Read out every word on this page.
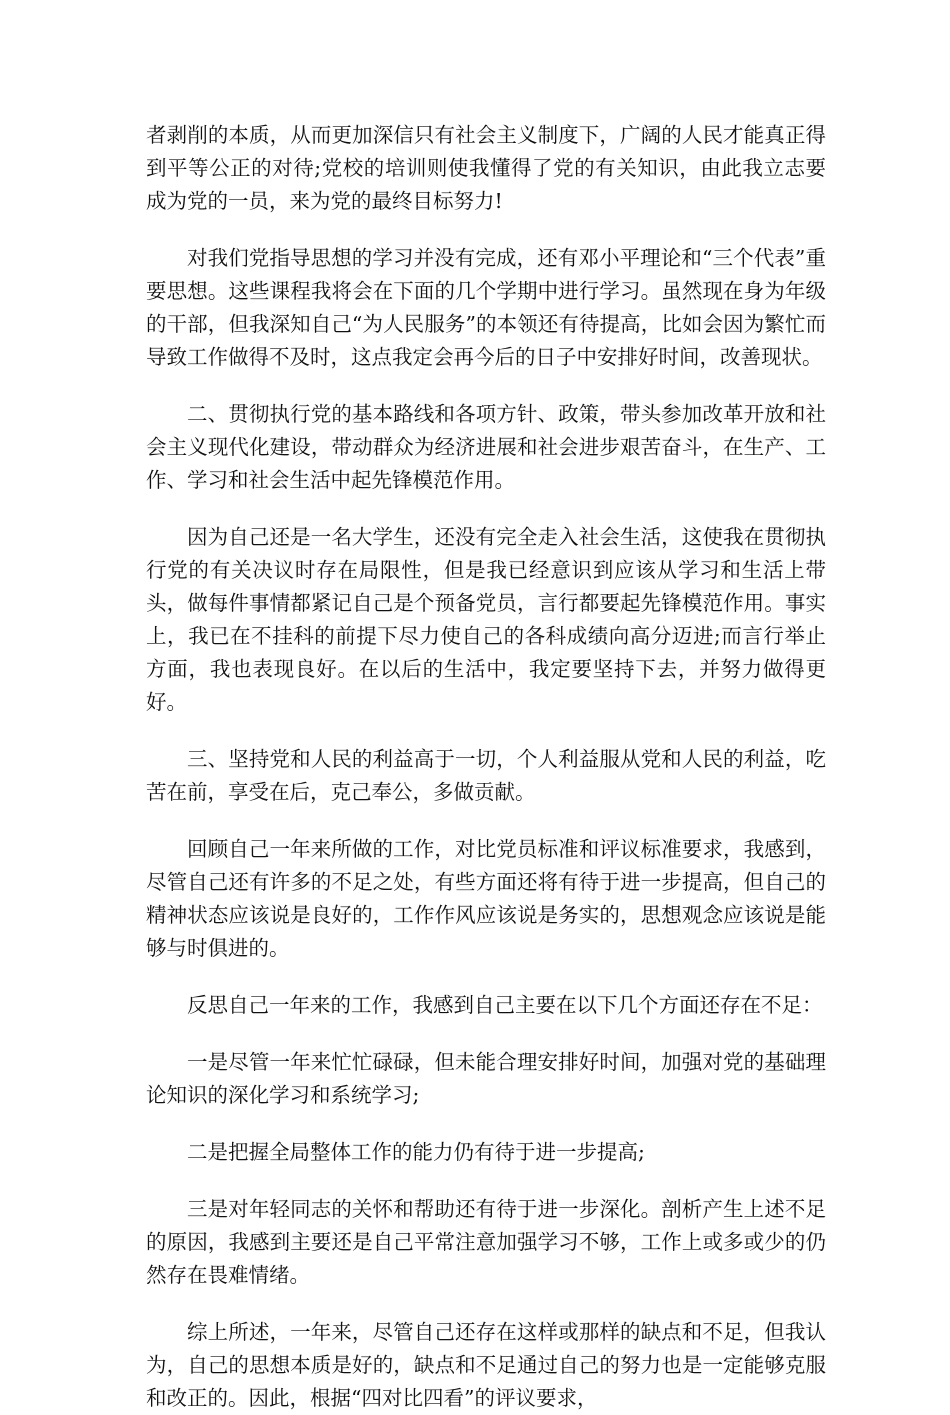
者剥削的本质，从而更加深信只有社会主义制度下，广阔的人民才能真正得到平等公正的对待;党校的培训则使我懂得了党的有关知识，由此我立志要成为党的一员，来为党的最终目标努力!

对我们党指导思想的学习并没有完成，还有邓小平理论和“三个代表”重要思想。这些课程我将会在下面的几个学期中进行学习。虽然现在身为年级的干部，但我深知自己“为人民服务”的本领还有待提高，比如会因为繁忙而导致工作做得不及时，这点我定会再今后的日子中安排好时间，改善现状。

二、贯彻执行党的基本路线和各项方针、政策，带头参加改革开放和社会主义现代化建设，带动群众为经济进展和社会进步艰苦奋斗，在生产、工作、学习和社会生活中起先锋模范作用。

因为自己还是一名大学生，还没有完全走入社会生活，这使我在贯彻执行党的有关决议时存在局限性，但是我已经意识到应该从学习和生活上带头，做每件事情都紧记自己是个预备党员，言行都要起先锋模范作用。事实上，我已在不挂科的前提下尽力使自己的各科成绩向高分迈进;而言行举止方面，我也表现良好。在以后的生活中，我定要坚持下去，并努力做得更好。

三、坚持党和人民的利益高于一切，个人利益服从党和人民的利益，吃苦在前，享受在后，克己奉公，多做贡献。

回顾自己一年来所做的工作，对比党员标准和评议标准要求，我感到，尽管自己还有许多的不足之处，有些方面还将有待于进一步提高，但自己的精神状态应该说是良好的，工作作风应该说是务实的，思想观念应该说是能够与时俱进的。

反思自己一年来的工作，我感到自己主要在以下几个方面还存在不足：

一是尽管一年来忙忙碌碌，但未能合理安排好时间，加强对党的基础理论知识的深化学习和系统学习;

二是把握全局整体工作的能力仍有待于进一步提高;

三是对年轻同志的关怀和帮助还有待于进一步深化。剖析产生上述不足的原因，我感到主要还是自己平常注意加强学习不够，工作上或多或少的仍然存在畏难情绪。

综上所述，一年来，尽管自己还存在这样或那样的缺点和不足，但我认为，自己的思想本质是好的，缺点和不足通过自己的努力也是一定能够克服和改正的。因此，根据“四对比四看”的评议要求，
